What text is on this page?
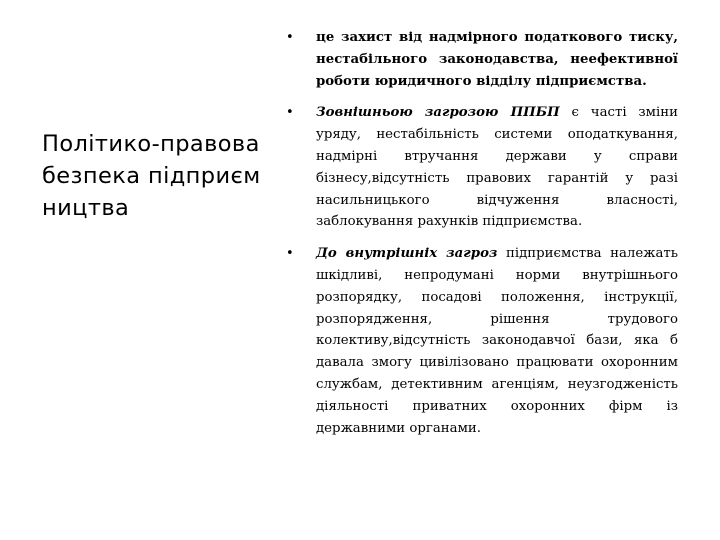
Політико-правова безпека підприємництва
• це захист від надмірного податкового тиску, нестабільного законодавства, неефективної роботи юридичного відділу підприємства.
• Зовнішньою загрозою ППБП є часті зміни уряду, нестабільність системи оподаткування, надмірні втручання держави у справи бізнесу,відсутність правових гарантій у разі насильницького відчуження власності, заблокування рахунків підприємства.
• До внутрішніх загроз підприємства належать шкідливі, непродумані норми внутрішнього розпорядку, посадові положення, інструкції, розпорядження, рішення трудового колективу,відсутність законодавчої бази, яка б давала змогу цивілізовано працювати охоронним службам, детективним агенціям, неузгодженість діяльності приватних охоронних фірм із державними органами.
